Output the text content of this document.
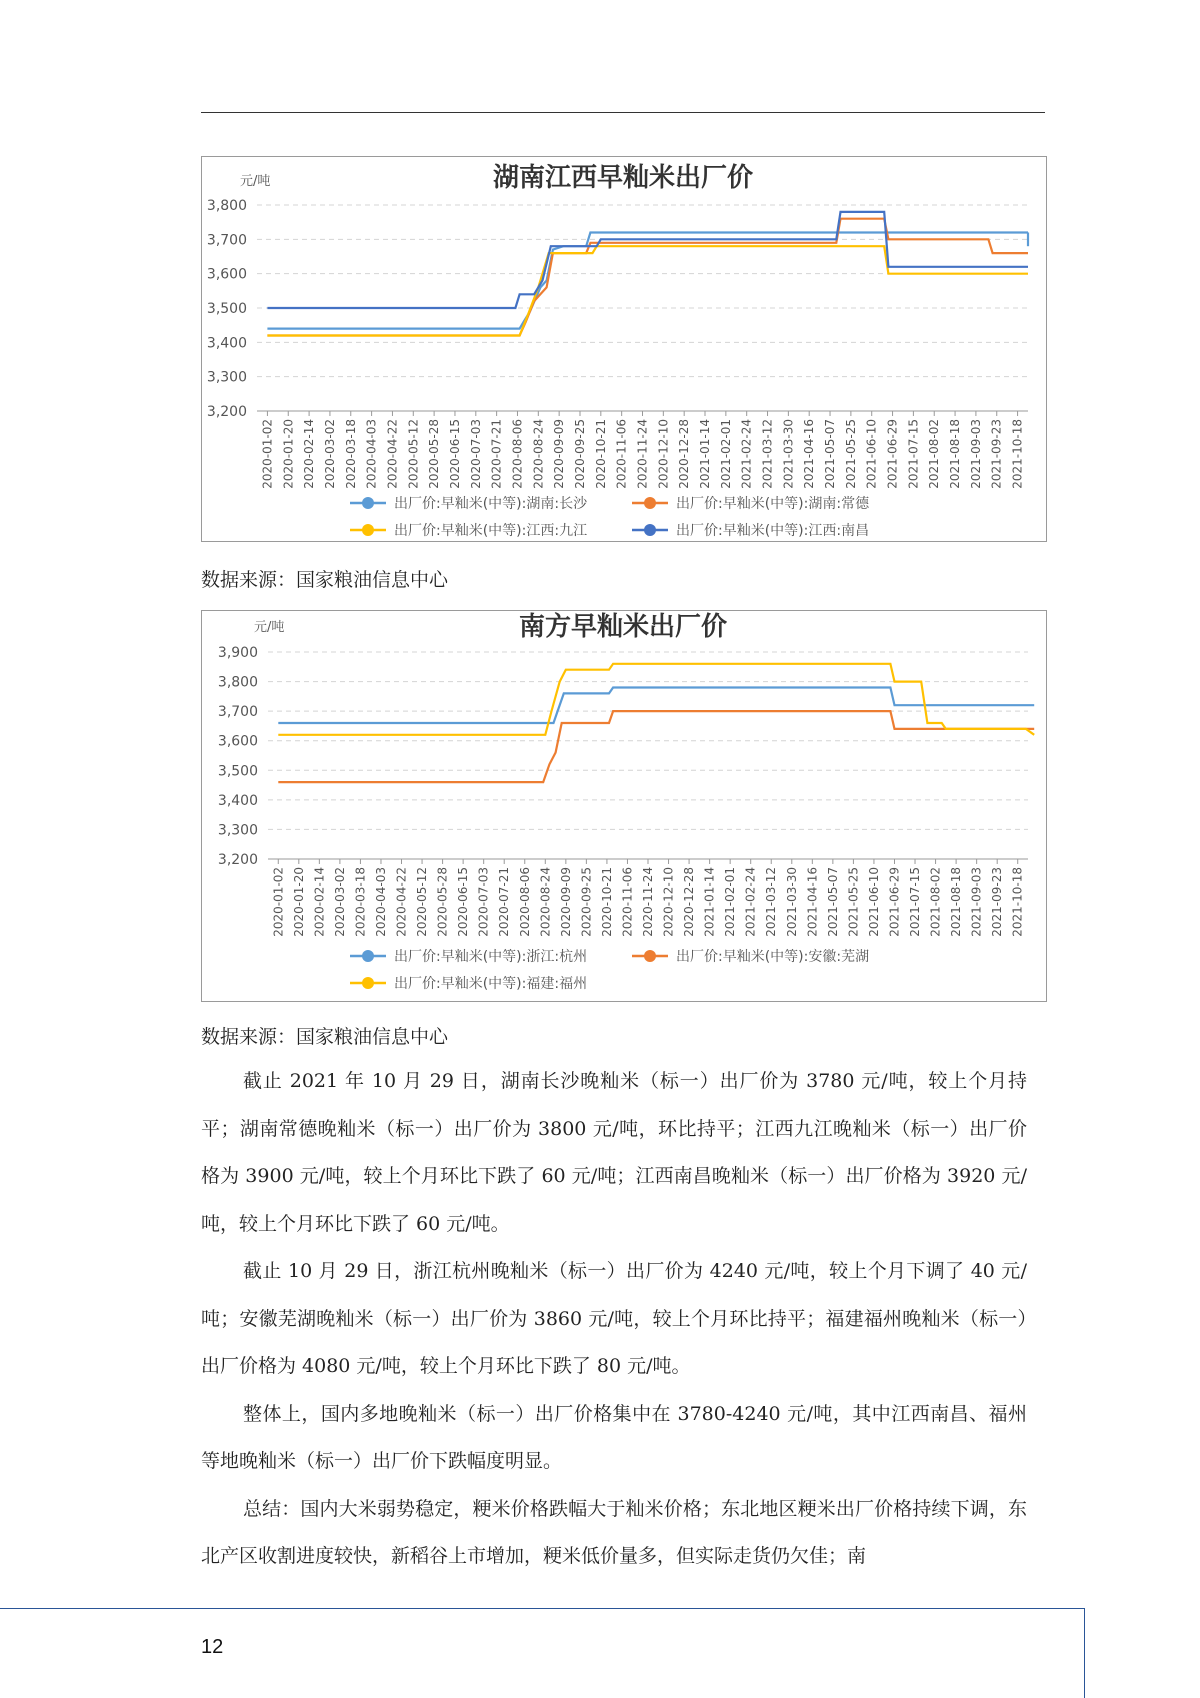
湖南江西早籼米出厂价
元/吨
3,200
3,300
3,400
3,500
3,600
3,700
3,800
2020-01-02 2020-01-20 2020-02-14 2020-03-02 2020-03-18 2020-04-03 2020-04-22 2020-05-12 2020-05-28 2020-06-15 2020-07-03 2020-07-21 2020-08-06 2020-08-24 2020-09-09 2020-09-25 2020-10-21 2020-11-06 2020-11-24 2020-12-10 2020-12-28 2021-01-14 2021-02-01 2021-02-24 2021-03-12 2021-03-30 2021-04-16 2021-05-07 2021-05-25 2021-06-10 2021-06-29 2021-07-15 2021-08-02 2021-08-18 2021-09-03 2021-09-23 2021-10-18
出厂价:早籼米(中等):湖南:长沙	出厂价:早籼米(中等):湖南:常德
出厂价:早籼米(中等):江西:九江	出厂价:早籼米(中等):江西:南昌
数据来源：国家粮油信息中心
南方早籼米出厂价
元/吨
3,200
3,300
3,400
3,500
3,600
3,700
3,800
3,900
2020-01-02 2020-01-20 2020-02-14 2020-03-02 2020-03-18 2020-04-03 2020-04-22 2020-05-12 2020-05-28 2020-06-15 2020-07-03 2020-07-21 2020-08-06 2020-08-24 2020-09-09 2020-09-25 2020-10-21 2020-11-06 2020-11-24 2020-12-10 2020-12-28 2021-01-14 2021-02-01 2021-02-24 2021-03-12 2021-03-30 2021-04-16 2021-05-07 2021-05-25 2021-06-10 2021-06-29 2021-07-15 2021-08-02 2021-08-18 2021-09-03 2021-09-23 2021-10-18
出厂价:早籼米(中等):浙江:杭州	出厂价:早籼米(中等):安徽:芜湖
出厂价:早籼米(中等):福建:福州
数据来源：国家粮油信息中心

截止 2021 年 10 月 29 日，湖南长沙晚籼米（标一）出厂价为 3780 元/吨，较上个月持平；湖南常德晚籼米（标一）出厂价为 3800 元/吨，环比持平；江西九江晚籼米（标一）出厂价格为 3900 元/吨，较上个月环比下跌了 60 元/吨；江西南昌晚籼米（标一）出厂价格为 3920 元/吨，较上个月环比下跌了 60 元/吨。

截止 10 月 29 日，浙江杭州晚籼米（标一）出厂价为 4240 元/吨，较上个月下调了 40 元/吨；安徽芜湖晚籼米（标一）出厂价为 3860 元/吨，较上个月环比持平；福建福州晚籼米（标一）出厂价格为 4080 元/吨，较上个月环比下跌了 80 元/吨。

整体上，国内多地晚籼米（标一）出厂价格集中在 3780-4240 元/吨，其中江西南昌、福州等地晚籼米（标一）出厂价下跌幅度明显。

总结：国内大米弱势稳定，粳米价格跌幅大于籼米价格；东北地区粳米出厂价格持续下调，东北产区收割进度较快，新稻谷上市增加，粳米低价量多，但实际走货仍欠佳；南

12
